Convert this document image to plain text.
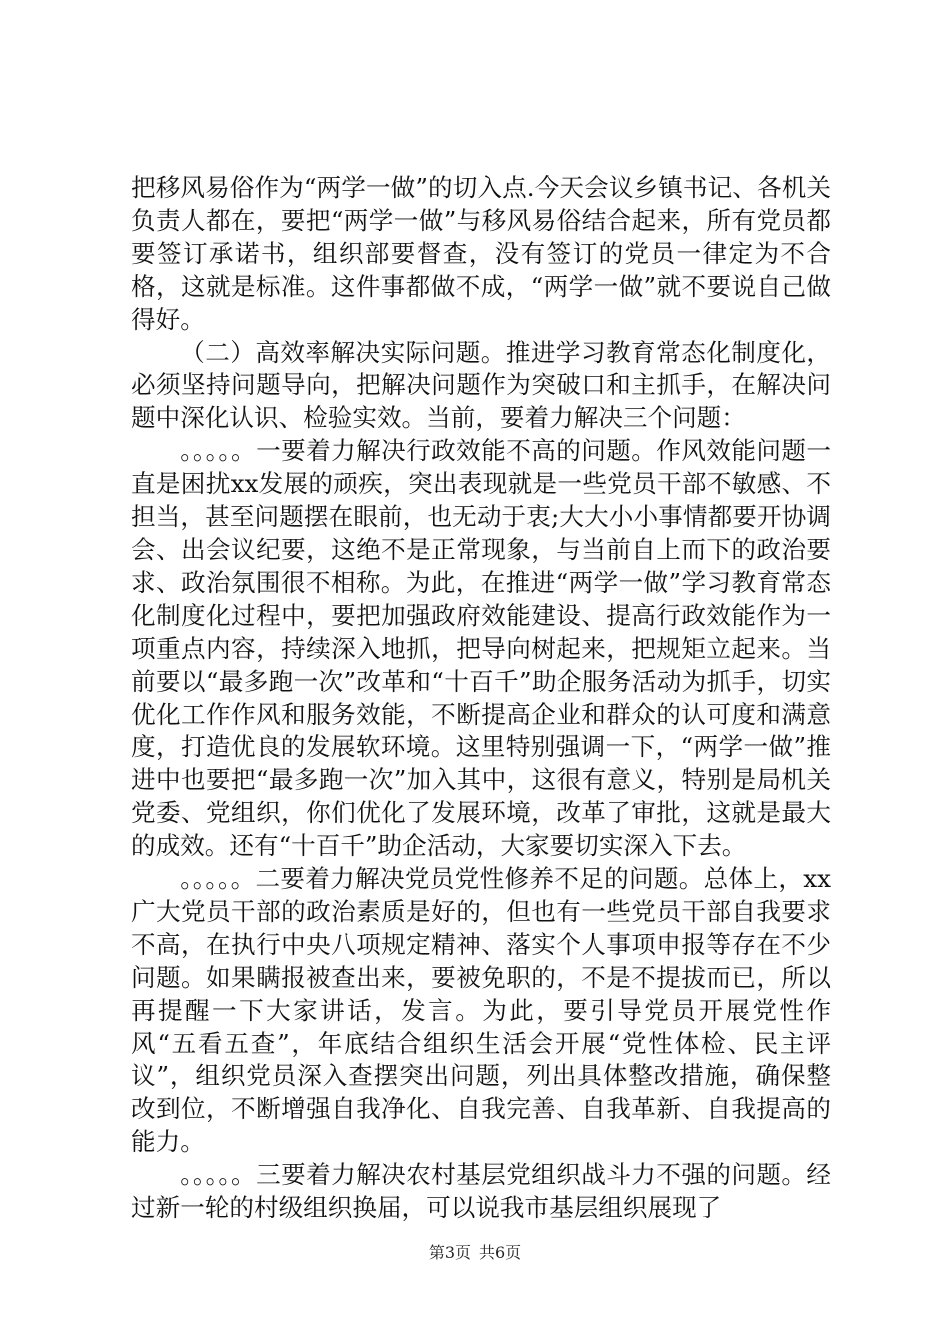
把移风易俗作为“两学一做”的切入点.今天会议乡镇书记、各机关负责人都在，要把“两学一做”与移风易俗结合起来，所有党员都要签订承诺书，组织部要督查，没有签订的党员一律定为不合格，这就是标准。这件事都做不成，“两学一做”就不要说自己做得好。

（二）高效率解决实际问题。推进学习教育常态化制度化，必须坚持问题导向，把解决问题作为突破口和主抓手，在解决问题中深化认识、检验实效。当前，要着力解决三个问题：

。。。。。一要着力解决行政效能不高的问题。作风效能问题一直是困扰xx发展的顽疾，突出表现就是一些党员干部不敏感、不担当，甚至问题摆在眼前，也无动于衷;大大小小事情都要开协调会、出会议纪要，这绝不是正常现象，与当前自上而下的政治要求、政治氛围很不相称。为此，在推进“两学一做”学习教育常态化制度化过程中，要把加强政府效能建设、提高行政效能作为一项重点内容，持续深入地抓，把导向树起来，把规矩立起来。当前要以“最多跑一次”改革和“十百千”助企服务活动为抓手，切实优化工作作风和服务效能，不断提高企业和群众的认可度和满意度，打造优良的发展软环境。这里特别强调一下，“两学一做”推进中也要把“最多跑一次”加入其中，这很有意义，特别是局机关党委、党组织，你们优化了发展环境，改革了审批，这就是最大的成效。还有“十百千”助企活动，大家要切实深入下去。

。。。。。二要着力解决党员党性修养不足的问题。总体上，xx广大党员干部的政治素质是好的，但也有一些党员干部自我要求不高，在执行中央八项规定精神、落实个人事项申报等存在不少问题。如果瞒报被查出来，要被免职的，不是不提拔而已，所以再提醒一下大家讲话，发言。为此，要引导党员开展党性作风“五看五查”，年底结合组织生活会开展“党性体检、民主评议”，组织党员深入查摆突出问题，列出具体整改措施，确保整改到位，不断增强自我净化、自我完善、自我革新、自我提高的能力。

。。。。。三要着力解决农村基层党组织战斗力不强的问题。经过新一轮的村级组织换届，可以说我市基层组织展现了

第3页 共6页
